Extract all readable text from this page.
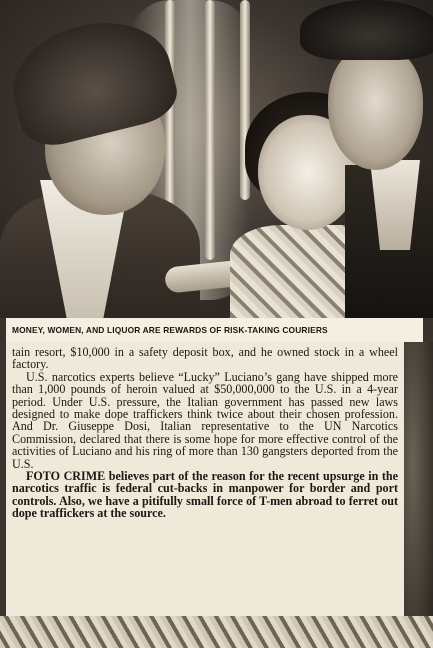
MONEY, WOMEN, AND LIQUOR ARE REWARDS OF RISK-TAKING COURIERS

tain resort, $10,000 in a safety deposit box, and he owned stock in a wheel factory.

U.S. narcotics experts believe “Lucky” Luciano’s gang have shipped more than 1,000 pounds of heroin valued at $50,000,000 to the U.S. in a 4-year period. Under U.S. pressure, the Italian government has passed new laws designed to make dope traffickers think twice about their chosen profession. And Dr. Giuseppe Dosi, Italian representative to the UN Narcotics Commission, declared that there is some hope for more effective control of the activities of Luciano and his ring of more than 130 gangsters deported from the U.S.

FOTO CRIME believes part of the reason for the recent upsurge in the narcotics traffic is federal cut-backs in manpower for border and port controls. Also, we have a pitifully small force of T-men abroad to ferret out dope traffickers at the source.
